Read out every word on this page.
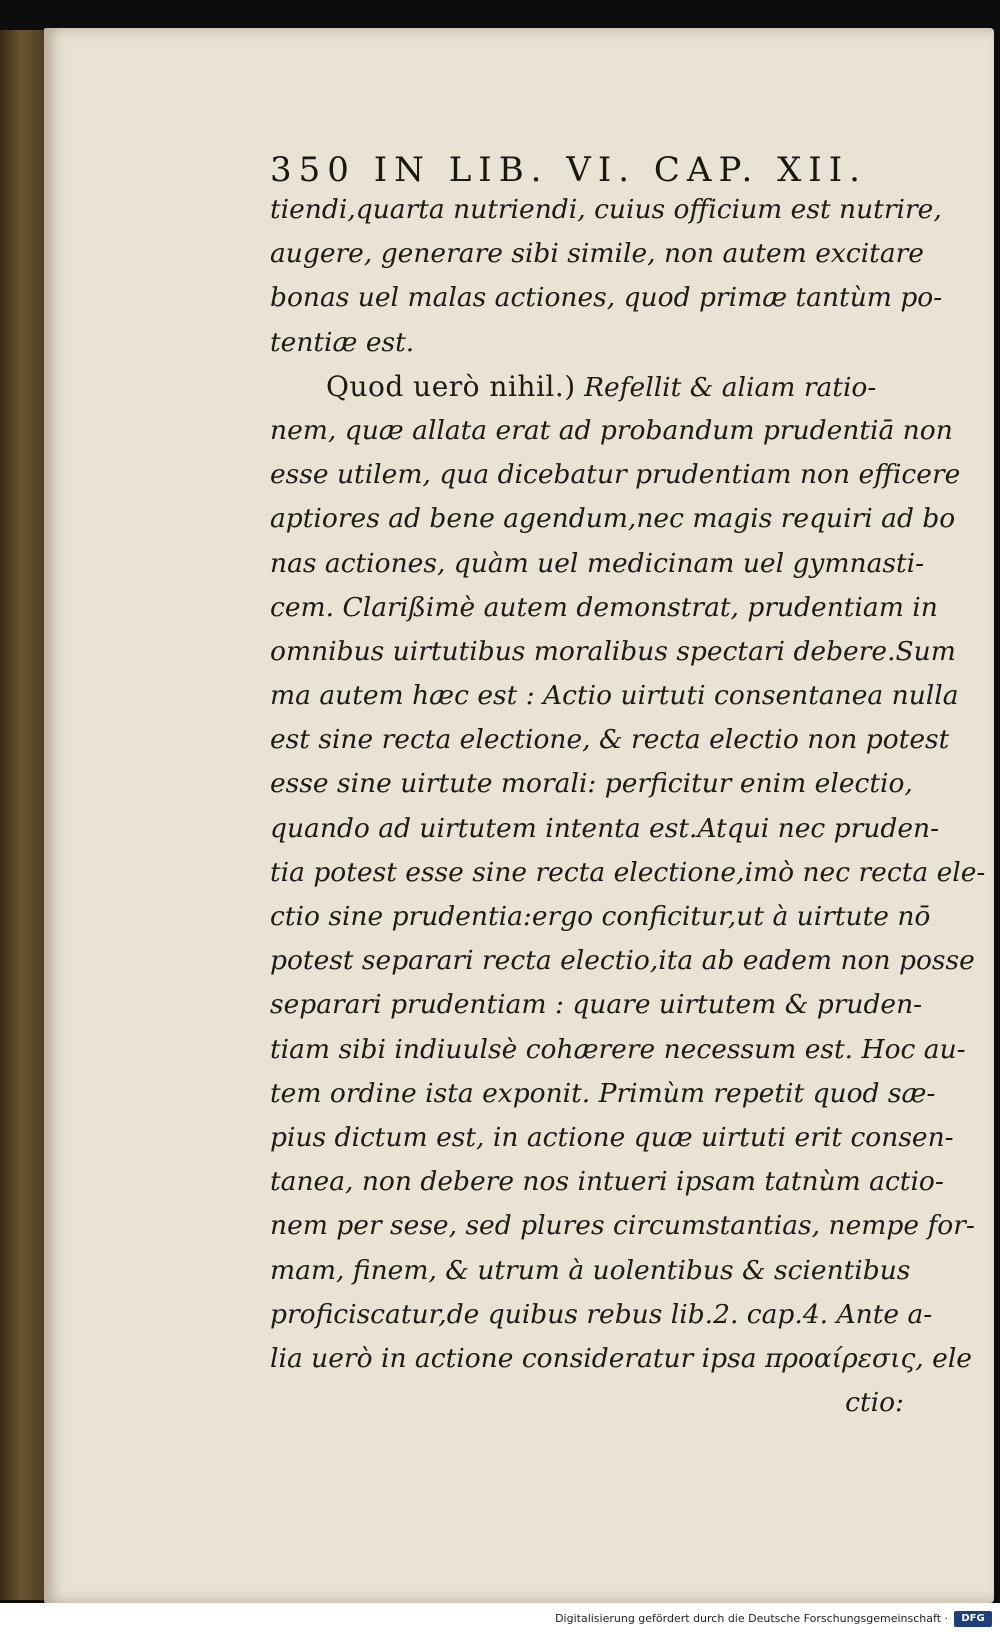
350 IN LIB. VI. CAP. XII.
tiendi,quarta nutriendi, cuius officium est nutrire,
augere, generare sibi simile, non autem excitare
bonas uel malas actiones, quod primæ tantùm po-
tentiæ est.
Quod uerò nihil.) Refellit & aliam ratio-
nem, quæ allata erat ad probandum prudentiā non
esse utilem, qua dicebatur prudentiam non efficere
aptiores ad bene agendum,nec magis requiri ad bo
nas actiones, quàm uel medicinam uel gymnasti-
cem. Clarißimè autem demonstrat, prudentiam in
omnibus uirtutibus moralibus spectari debere.Sum
ma autem hæc est : Actio uirtuti consentanea nulla
est sine recta electione, & recta electio non potest
esse sine uirtute morali: perficitur enim electio,
quando ad uirtutem intenta est.Atqui nec pruden-
tia potest esse sine recta electione,imò nec recta ele-
ctio sine prudentia:ergo conficitur,ut à uirtute nō
potest separari recta electio,ita ab eadem non posse
separari prudentiam : quare uirtutem & pruden-
tiam sibi indiuulsè cohærere necessum est. Hoc au-
tem ordine ista exponit. Primùm repetit quod sæ-
pius dictum est, in actione quæ uirtuti erit consen-
tanea, non debere nos intueri ipsam tatnùm actio-
nem per sese, sed plures circumstantias, nempe for-
mam, finem, & utrum à uolentibus & scientibus
proficiscatur,de quibus rebus lib.2. cap.4. Ante a-
lia uerò in actione consideratur ipsa προαίρεσις, ele
ctio:
Digitalisierung gefördert durch die Deutsche Forschungsgemeinschaft ·	DFG
